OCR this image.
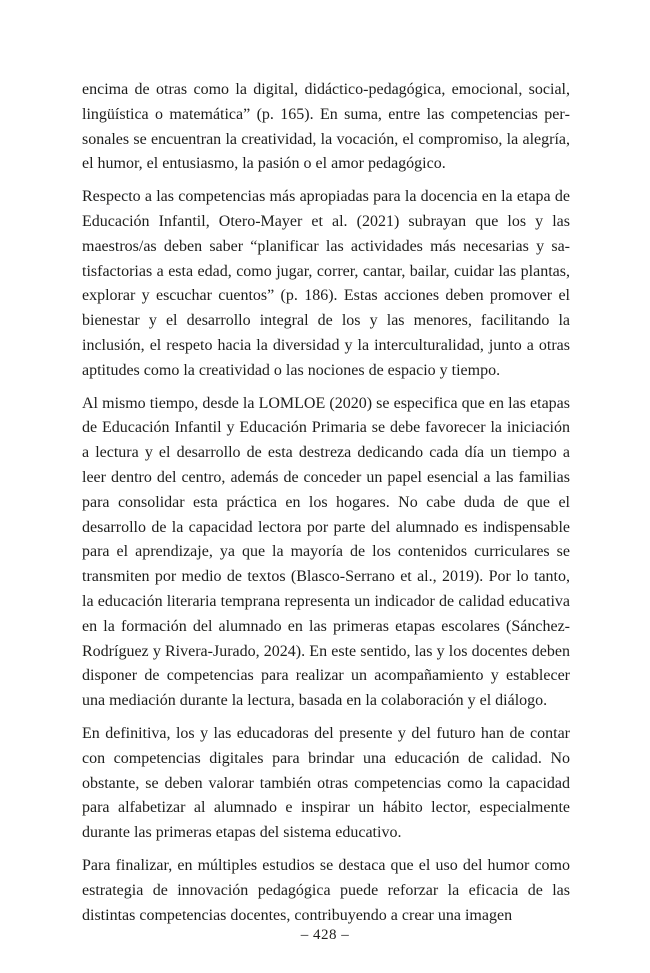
encima de otras como la digital, didáctico-pedagógica, emocional, social, lingüística o matemática” (p. 165). En suma, entre las competencias personales se encuentran la creatividad, la vocación, el compromiso, la alegría, el humor, el entusiasmo, la pasión o el amor pedagógico.

Respecto a las competencias más apropiadas para la docencia en la etapa de Educación Infantil, Otero-Mayer et al. (2021) subrayan que los y las maestros/as deben saber “planificar las actividades más necesarias y satisfactorias a esta edad, como jugar, correr, cantar, bailar, cuidar las plantas, explorar y escuchar cuentos” (p. 186). Estas acciones deben promover el bienestar y el desarrollo integral de los y las menores, facilitando la inclusión, el respeto hacia la diversidad y la interculturalidad, junto a otras aptitudes como la creatividad o las nociones de espacio y tiempo.

Al mismo tiempo, desde la LOMLOE (2020) se especifica que en las etapas de Educación Infantil y Educación Primaria se debe favorecer la iniciación a lectura y el desarrollo de esta destreza dedicando cada día un tiempo a leer dentro del centro, además de conceder un papel esencial a las familias para consolidar esta práctica en los hogares. No cabe duda de que el desarrollo de la capacidad lectora por parte del alumnado es indispensable para el aprendizaje, ya que la mayoría de los contenidos curriculares se transmiten por medio de textos (Blasco-Serrano et al., 2019). Por lo tanto, la educación literaria temprana representa un indicador de calidad educativa en la formación del alumnado en las primeras etapas escolares (Sánchez-Rodríguez y Rivera-Jurado, 2024). En este sentido, las y los docentes deben disponer de competencias para realizar un acompañamiento y establecer una mediación durante la lectura, basada en la colaboración y el diálogo.

En definitiva, los y las educadoras del presente y del futuro han de contar con competencias digitales para brindar una educación de calidad. No obstante, se deben valorar también otras competencias como la capacidad para alfabetizar al alumnado e inspirar un hábito lector, especialmente durante las primeras etapas del sistema educativo.

Para finalizar, en múltiples estudios se destaca que el uso del humor como estrategia de innovación pedagógica puede reforzar la eficacia de las distintas competencias docentes, contribuyendo a crear una imagen

– 428 –
